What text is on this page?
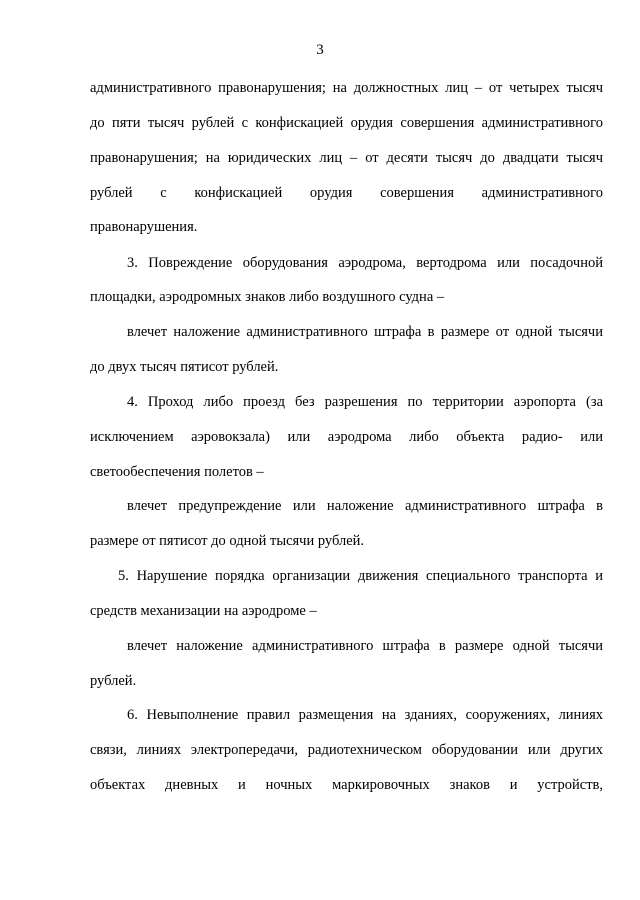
3
административного правонарушения; на должностных лиц – от четырех тысяч
до пяти тысяч рублей с конфискацией орудия совершения административного
правонарушения; на юридических лиц – от десяти тысяч до двадцати тысяч
рублей с конфискацией орудия совершения административного
правонарушения.
3. Повреждение оборудования аэродрома, вертодрома или посадочной
площадки, аэродромных знаков либо воздушного судна –
влечет наложение административного штрафа в размере от одной тысячи
до двух тысяч пятисот рублей.
4. Проход либо проезд без разрешения по территории аэропорта (за
исключением аэровокзала) или аэродрома либо объекта радио- или
светообеспечения полетов –
влечет предупреждение или наложение административного штрафа в
размере от пятисот до одной тысячи рублей.
5. Нарушение порядка организации движения специального транспорта и
средств механизации на аэродроме –
влечет наложение административного штрафа в размере одной тысячи
рублей.
6. Невыполнение правил размещения на зданиях, сооружениях, линиях
связи, линиях электропередачи, радиотехническом оборудовании или других
объектах дневных и ночных маркировочных знаков и устройств,
